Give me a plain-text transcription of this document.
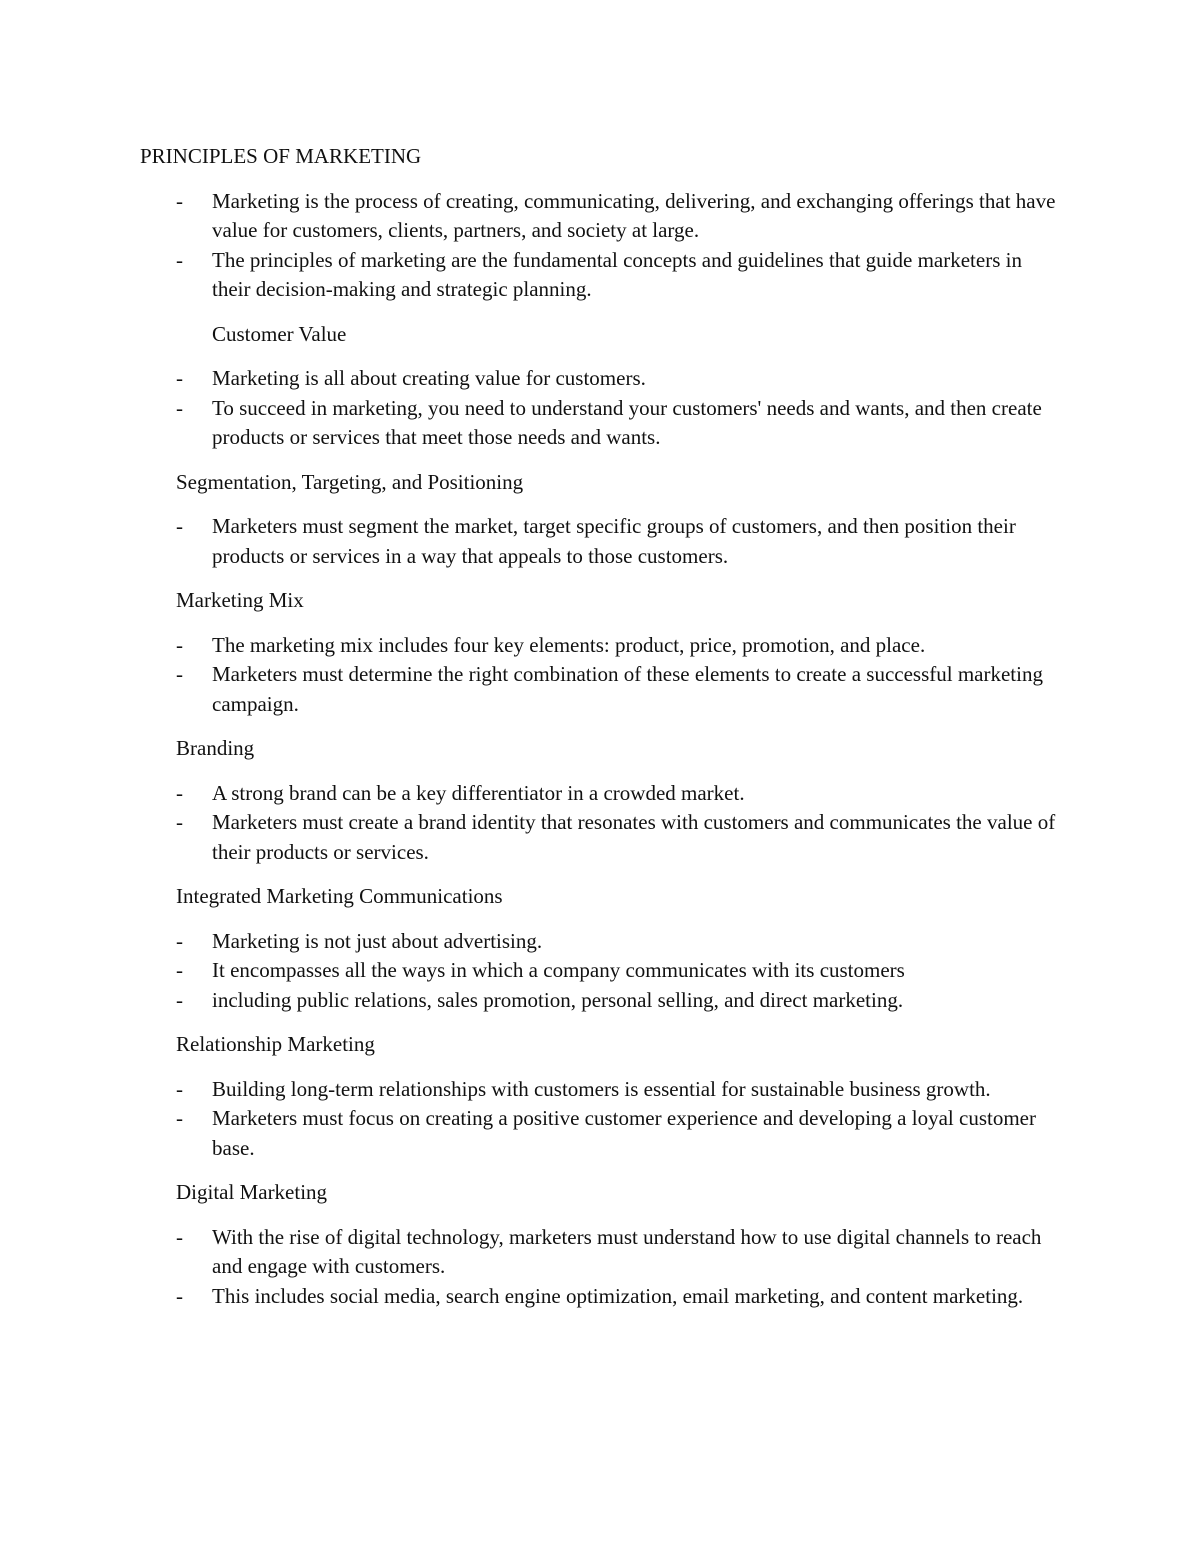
PRINCIPLES OF MARKETING
- Marketing is the process of creating, communicating, delivering, and exchanging offerings that have value for customers, clients, partners, and society at large.
- The principles of marketing are the fundamental concepts and guidelines that guide marketers in their decision-making and strategic planning.
Customer Value
- Marketing is all about creating value for customers.
- To succeed in marketing, you need to understand your customers' needs and wants, and then create products or services that meet those needs and wants.
Segmentation, Targeting, and Positioning
- Marketers must segment the market, target specific groups of customers, and then position their products or services in a way that appeals to those customers.
Marketing Mix
- The marketing mix includes four key elements: product, price, promotion, and place.
- Marketers must determine the right combination of these elements to create a successful marketing campaign.
Branding
- A strong brand can be a key differentiator in a crowded market.
- Marketers must create a brand identity that resonates with customers and communicates the value of their products or services.
Integrated Marketing Communications
- Marketing is not just about advertising.
- It encompasses all the ways in which a company communicates with its customers
- including public relations, sales promotion, personal selling, and direct marketing.
Relationship Marketing
- Building long-term relationships with customers is essential for sustainable business growth.
- Marketers must focus on creating a positive customer experience and developing a loyal customer base.
Digital Marketing
- With the rise of digital technology, marketers must understand how to use digital channels to reach and engage with customers.
- This includes social media, search engine optimization, email marketing, and content marketing.
